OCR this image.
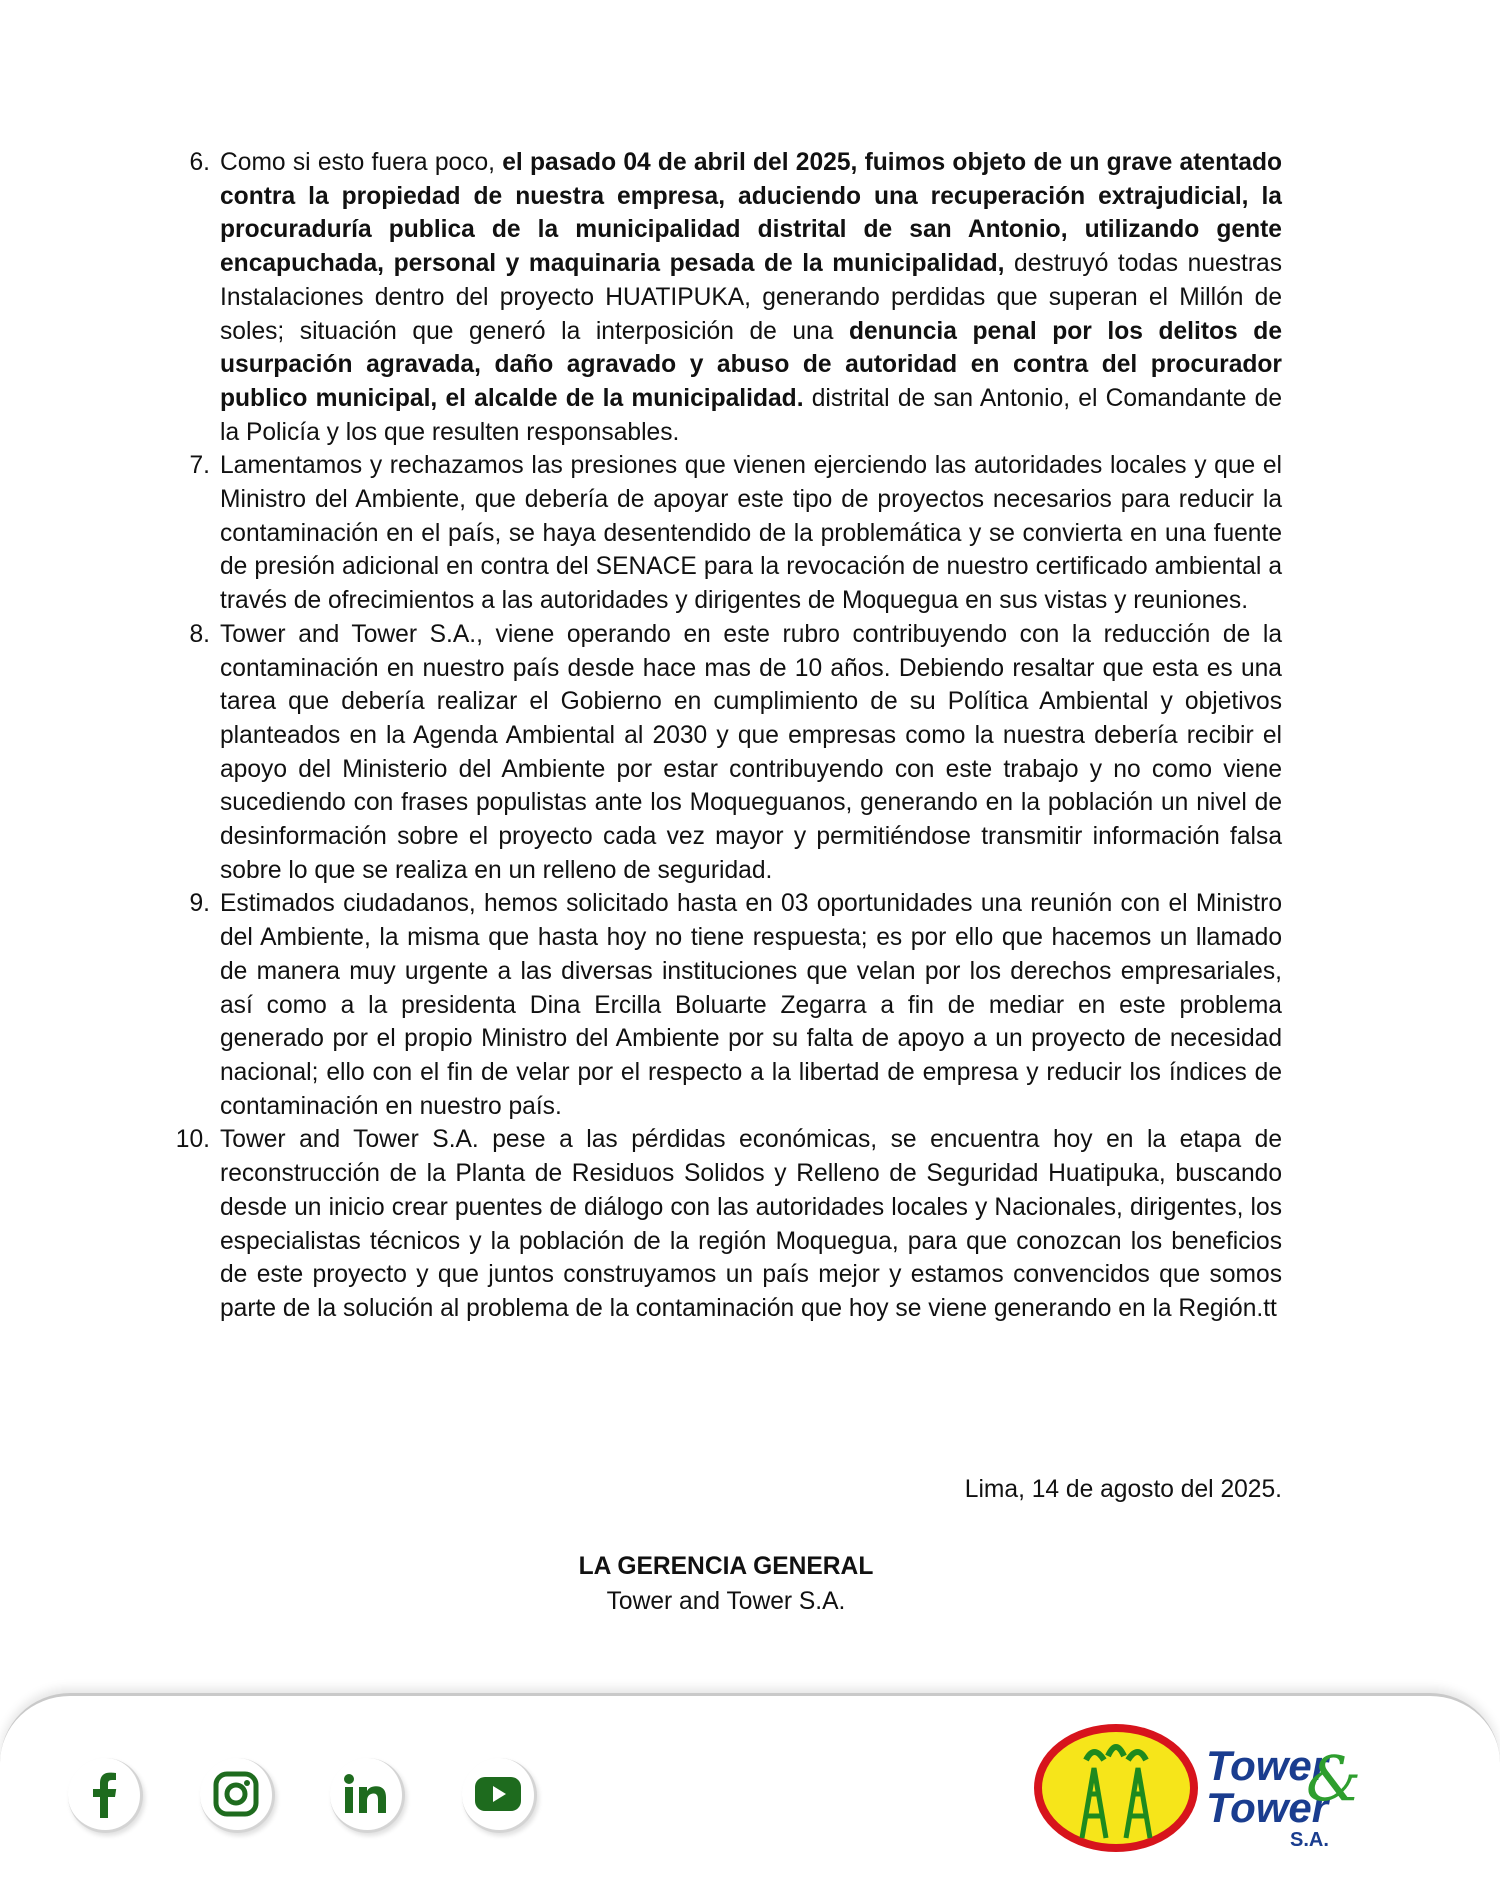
6. Como si esto fuera poco, el pasado 04 de abril del 2025, fuimos objeto de un grave atentado contra la propiedad de nuestra empresa, aduciendo una recuperación extrajudicial, la procuraduría publica de la municipalidad distrital de san Antonio, utilizando gente encapuchada, personal y maquinaria pesada de la municipalidad, destruyó todas nuestras Instalaciones dentro del proyecto HUATIPUKA, generando perdidas que superan el Millón de soles; situación que generó la interposición de una denuncia penal por los delitos de usurpación agravada, daño agravado y abuso de autoridad en contra del procurador publico municipal, el alcalde de la municipalidad. distrital de san Antonio, el Comandante de la Policía y los que resulten responsables.
7. Lamentamos y rechazamos las presiones que vienen ejerciendo las autoridades locales y que el Ministro del Ambiente, que debería de apoyar este tipo de proyectos necesarios para reducir la contaminación en el país, se haya desentendido de la problemática y se convierta en una fuente de presión adicional en contra del SENACE para la revocación de nuestro certificado ambiental a través de ofrecimientos a las autoridades y dirigentes de Moquegua en sus vistas y reuniones.
8. Tower and Tower S.A., viene operando en este rubro contribuyendo con la reducción de la contaminación en nuestro país desde hace mas de 10 años. Debiendo resaltar que esta es una tarea que debería realizar el Gobierno en cumplimiento de su Política Ambiental y objetivos planteados en la Agenda Ambiental al 2030 y que empresas como la nuestra debería recibir el apoyo del Ministerio del Ambiente por estar contribuyendo con este trabajo y no como viene sucediendo con frases populistas ante los Moqueguanos, generando en la población un nivel de desinformación sobre el proyecto cada vez mayor y permitiéndose transmitir información falsa sobre lo que se realiza en un relleno de seguridad.
9. Estimados ciudadanos, hemos solicitado hasta en 03 oportunidades una reunión con el Ministro del Ambiente, la misma que hasta hoy no tiene respuesta; es por ello que hacemos un llamado de manera muy urgente a las diversas instituciones que velan por los derechos empresariales, así como a la presidenta Dina Ercilla Boluarte Zegarra a fin de mediar en este problema generado por el propio Ministro del Ambiente por su falta de apoyo a un proyecto de necesidad nacional; ello con el fin de velar por el respecto a la libertad de empresa y reducir los índices de contaminación en nuestro país.
10. Tower and Tower S.A. pese a las pérdidas económicas, se encuentra hoy en la etapa de reconstrucción de la Planta de Residuos Solidos y Relleno de Seguridad Huatipuka, buscando desde un inicio crear puentes de diálogo con las autoridades locales y Nacionales, dirigentes, los especialistas técnicos y la población de la región Moquegua, para que conozcan los beneficios de este proyecto y que juntos construyamos un país mejor y estamos convencidos que somos parte de la solución al problema de la contaminación que hoy se viene generando en la Región.tt
Lima, 14 de agosto del 2025.
LA GERENCIA GENERAL
Tower and Tower S.A.
Tower
Tower
&
S.A.
